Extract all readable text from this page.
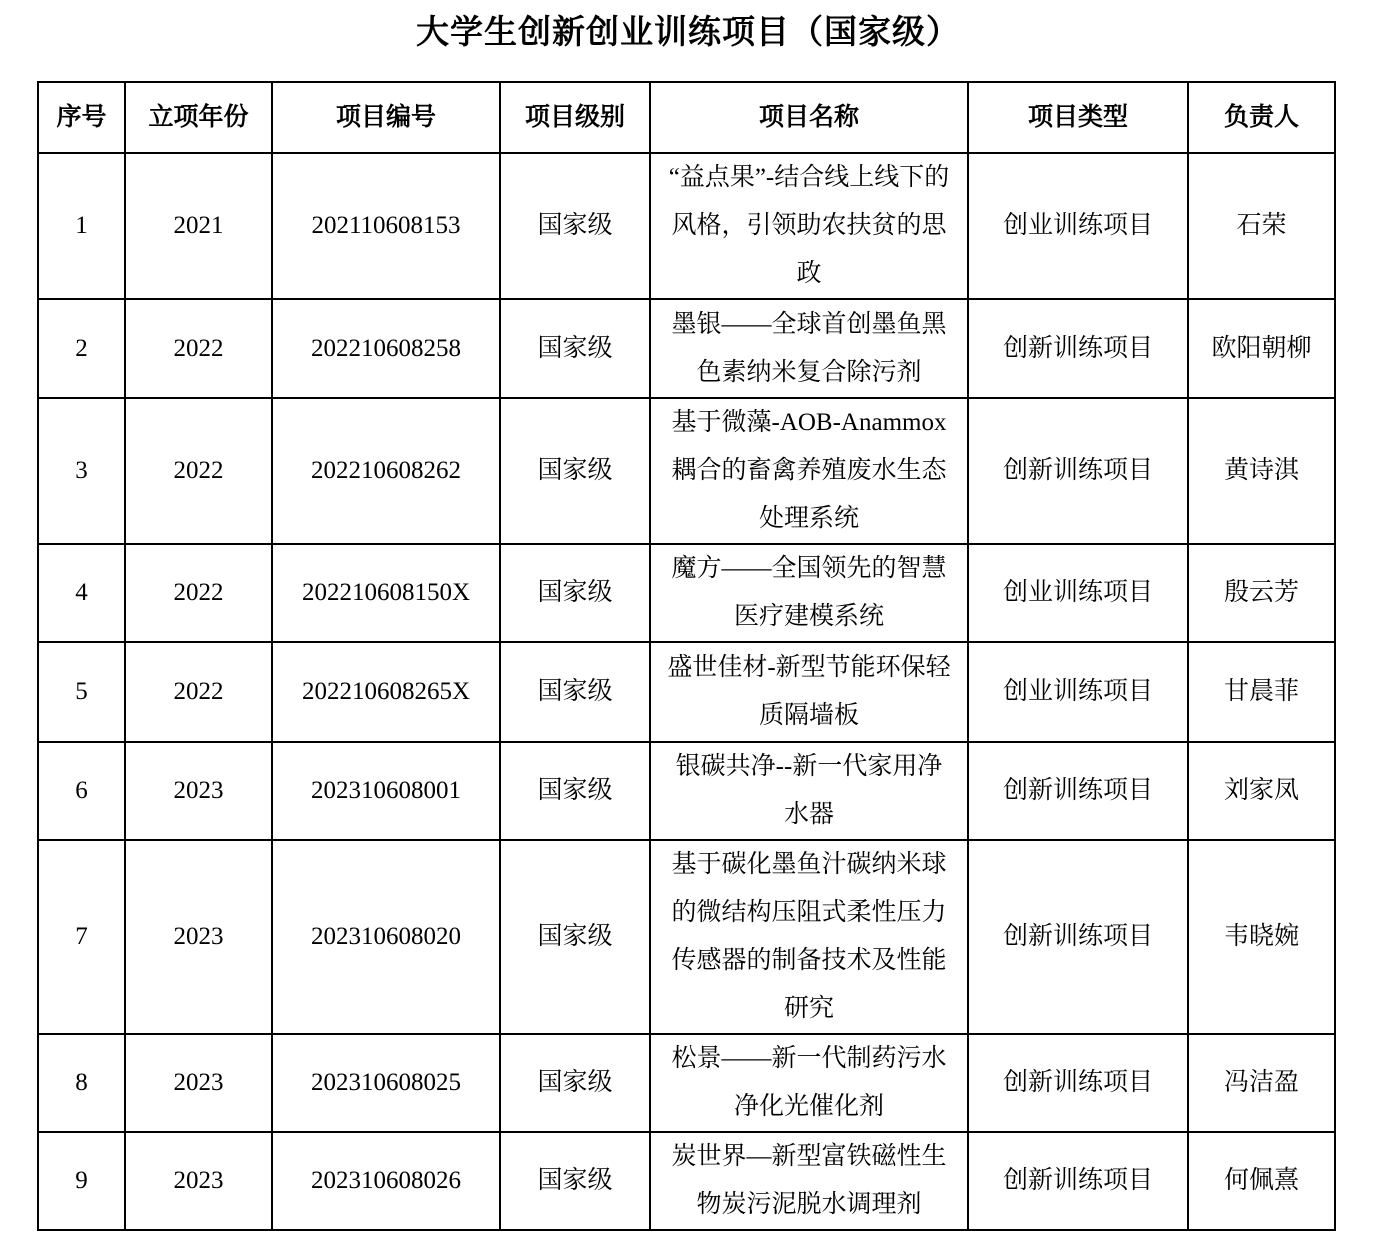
大学生创新创业训练项目（国家级）
序号	立项年份	项目编号	项目级别	项目名称	项目类型	负责人
1	2021	202110608153	国家级	“益点果”-结合线上线下的风格，引领助农扶贫的思政	创业训练项目	石荣
2	2022	202210608258	国家级	墨银——全球首创墨鱼黑色素纳米复合除污剂	创新训练项目	欧阳朝柳
3	2022	202210608262	国家级	基于微藻-AOB-Anammox耦合的畜禽养殖废水生态处理系统	创新训练项目	黄诗淇
4	2022	202210608150X	国家级	魔方——全国领先的智慧医疗建模系统	创业训练项目	殷云芳
5	2022	202210608265X	国家级	盛世佳材-新型节能环保轻质隔墙板	创业训练项目	甘晨菲
6	2023	202310608001	国家级	银碳共净--新一代家用净水器	创新训练项目	刘家凤
7	2023	202310608020	国家级	基于碳化墨鱼汁碳纳米球的微结构压阻式柔性压力传感器的制备技术及性能研究	创新训练项目	韦晓婉
8	2023	202310608025	国家级	松景——新一代制药污水净化光催化剂	创新训练项目	冯洁盈
9	2023	202310608026	国家级	炭世界—新型富铁磁性生物炭污泥脱水调理剂	创新训练项目	何佩熹
